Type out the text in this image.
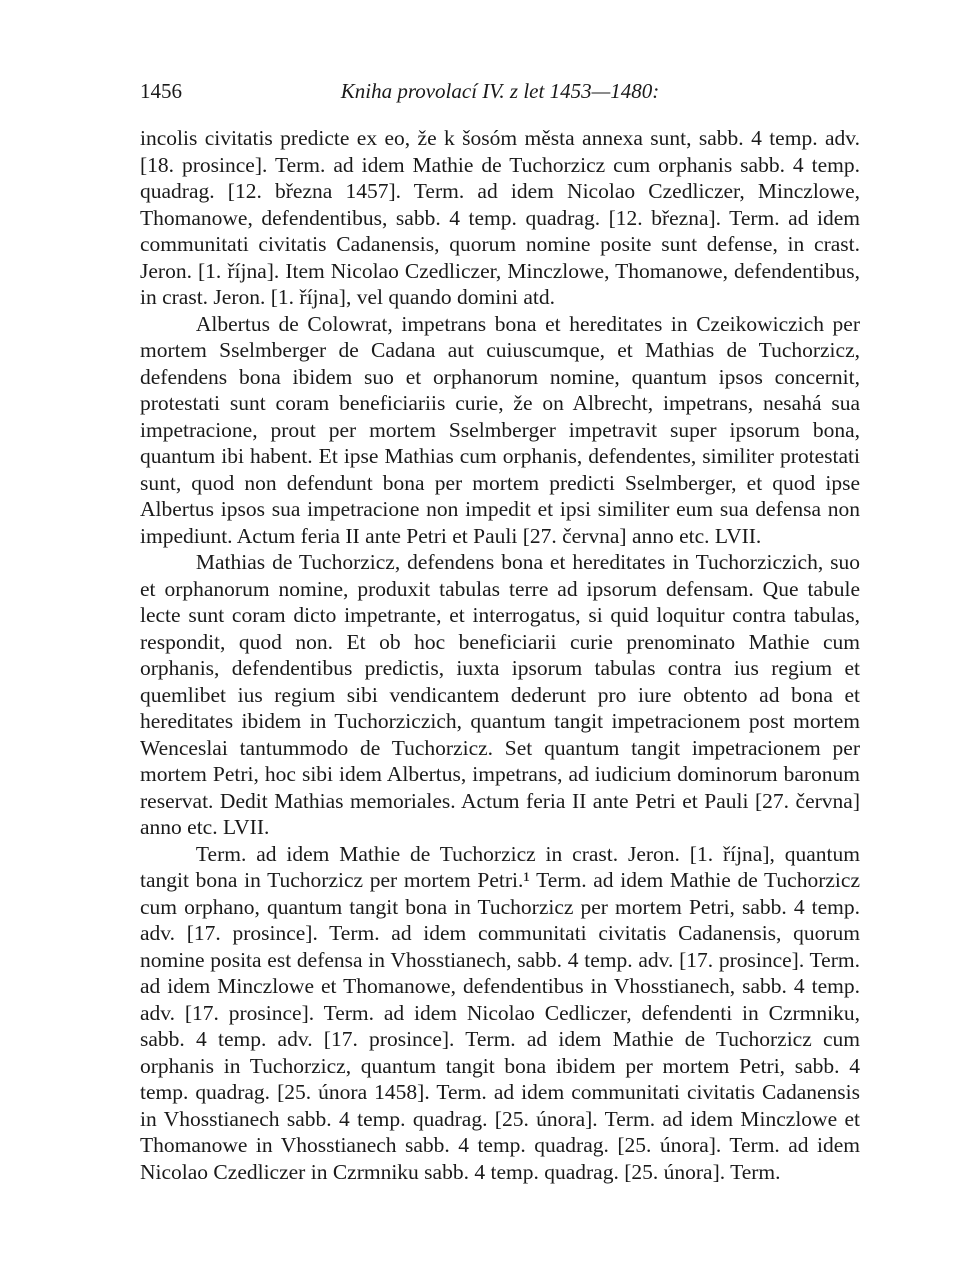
1456	Kniha provolací IV. z let 1453—1480:

incolis civitatis predicte ex eo, že k šosóm města annexa sunt, sabb. 4 temp. adv. [18. prosince]. Term. ad idem Mathie de Tuchorzicz cum orphanis sabb. 4 temp. quadrag. [12. března 1457]. Term. ad idem Nicolao Czedliczer, Minczlowe, Thomanowe, defendentibus, sabb. 4 temp. quadrag. [12. března]. Term. ad idem communitati civitatis Cadanensis, quorum nomine posite sunt defense, in crast. Jeron. [1. října]. Item Nicolao Czedliczer, Minczlowe, Thomanowe, defendentibus, in crast. Jeron. [1. října], vel quando domini atd.

Albertus de Colowrat, impetrans bona et hereditates in Czeikowiczich per mortem Sselmberger de Cadana aut cuiuscumque, et Mathias de Tuchorzicz, defendens bona ibidem suo et orphanorum nomine, quantum ipsos concernit, protestati sunt coram beneficiariis curie, že on Albrecht, impetrans, nesahá sua impetracione, prout per mortem Sselmberger impetravit super ipsorum bona, quantum ibi habent. Et ipse Mathias cum orphanis, defendentes, similiter protestati sunt, quod non defendunt bona per mortem predicti Sselmberger, et quod ipse Albertus ipsos sua impetracione non impedit et ipsi similiter eum sua defensa non impediunt. Actum feria II ante Petri et Pauli [27. června] anno etc. LVII.

Mathias de Tuchorzicz, defendens bona et hereditates in Tuchorziczich, suo et orphanorum nomine, produxit tabulas terre ad ipsorum defensam. Que tabule lecte sunt coram dicto impetrante, et interrogatus, si quid loquitur contra tabulas, respondit, quod non. Et ob hoc beneficiarii curie prenominato Mathie cum orphanis, defendentibus predictis, iuxta ipsorum tabulas contra ius regium et quemlibet ius regium sibi vendicantem dederunt pro iure obtento ad bona et hereditates ibidem in Tuchorziczich, quantum tangit impetracionem post mortem Wenceslai tantummodo de Tuchorzicz. Set quantum tangit impetracionem per mortem Petri, hoc sibi idem Albertus, impetrans, ad iudicium dominorum baronum reservat. Dedit Mathias memoriales. Actum feria II ante Petri et Pauli [27. června] anno etc. LVII.

Term. ad idem Mathie de Tuchorzicz in crast. Jeron. [1. října], quantum tangit bona in Tuchorzicz per mortem Petri.¹ Term. ad idem Mathie de Tuchorzicz cum orphano, quantum tangit bona in Tuchorzicz per mortem Petri, sabb. 4 temp. adv. [17. prosince]. Term. ad idem communitati civitatis Cadanensis, quorum nomine posita est defensa in Vhosstianech, sabb. 4 temp. adv. [17. prosince]. Term. ad idem Minczlowe et Thomanowe, defendentibus in Vhosstianech, sabb. 4 temp. adv. [17. prosince]. Term. ad idem Nicolao Cedliczer, defendenti in Czrmniku, sabb. 4 temp. adv. [17. prosince]. Term. ad idem Mathie de Tuchorzicz cum orphanis in Tuchorzicz, quantum tangit bona ibidem per mortem Petri, sabb. 4 temp. quadrag. [25. února 1458]. Term. ad idem communitati civitatis Cadanensis in Vhosstianech sabb. 4 temp. quadrag. [25. února]. Term. ad idem Minczlowe et Thomanowe in Vhosstianech sabb. 4 temp. quadrag. [25. února]. Term. ad idem Nicolao Czedliczer in Czrmniku sabb. 4 temp. quadrag. [25. února]. Term.
